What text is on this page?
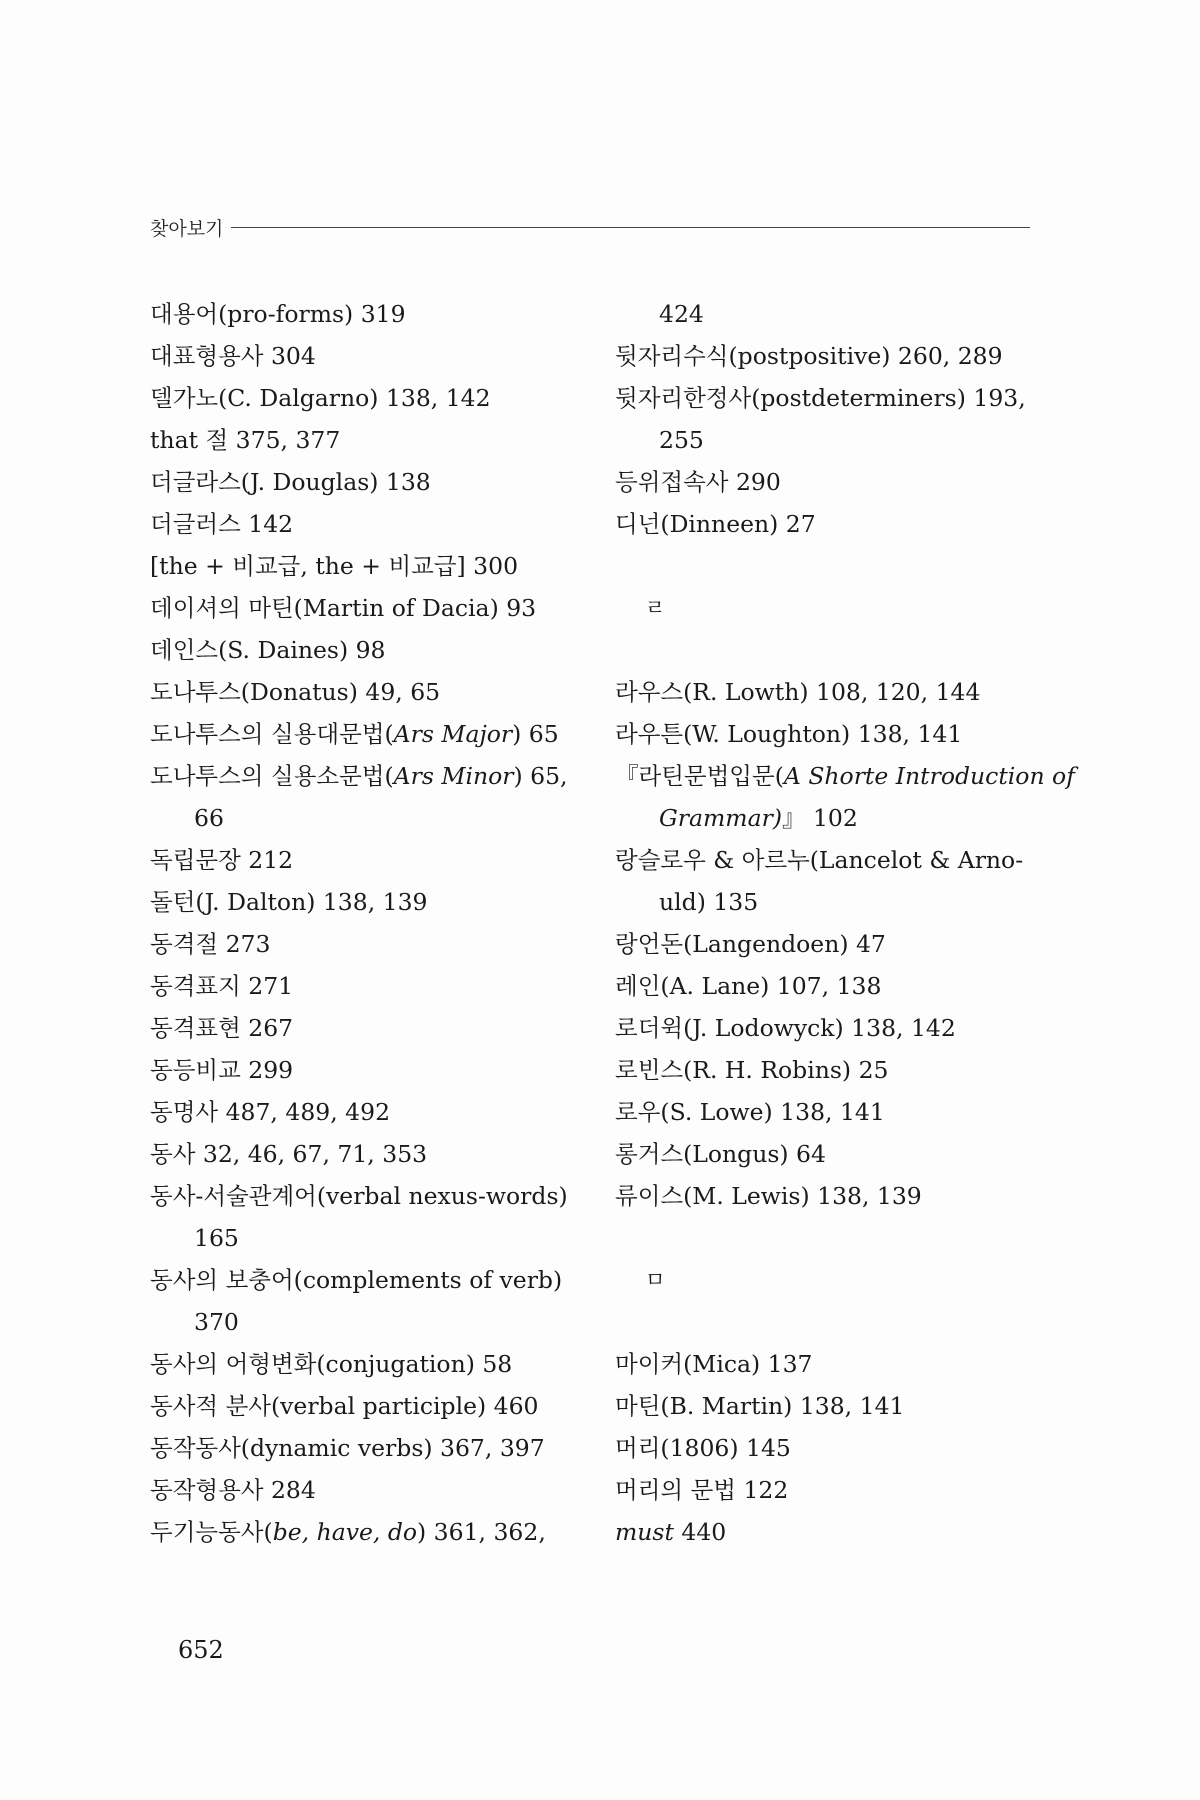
찾아보기
대용어(pro-forms) 319
대표형용사 304
델가노(C. Dalgarno) 138, 142
that 절 375, 377
더글라스(J. Douglas) 138
더글러스 142
[the + 비교급, the + 비교급] 300
데이셔의 마틴(Martin of Dacia) 93
데인스(S. Daines) 98
도나투스(Donatus) 49, 65
도나투스의 실용대문법(Ars Major) 65
도나투스의 실용소문법(Ars Minor) 65,
66
독립문장 212
돌턴(J. Dalton) 138, 139
동격절 273
동격표지 271
동격표현 267
동등비교 299
동명사 487, 489, 492
동사 32, 46, 67, 71, 353
동사-서술관계어(verbal nexus-words)
165
동사의 보충어(complements of verb)
370
동사의 어형변화(conjugation) 58
동사적 분사(verbal participle) 460
동작동사(dynamic verbs) 367, 397
동작형용사 284
두기능동사(be, have, do) 361, 362,
424
뒷자리수식(postpositive) 260, 289
뒷자리한정사(postdeterminers) 193,
255
등위접속사 290
디넌(Dinneen) 27
ㄹ
라우스(R. Lowth) 108, 120, 144
라우튼(W. Loughton) 138, 141
『라틴문법입문(A Shorte Introduction of
Grammar)』 102
랑슬로우 & 아르누(Lancelot & Arno-
uld) 135
랑언돈(Langendoen) 47
레인(A. Lane) 107, 138
로더윅(J. Lodowyck) 138, 142
로빈스(R. H. Robins) 25
로우(S. Lowe) 138, 141
롱거스(Longus) 64
류이스(M. Lewis) 138, 139
ㅁ
마이커(Mica) 137
마틴(B. Martin) 138, 141
머리(1806) 145
머리의 문법 122
must 440
652
